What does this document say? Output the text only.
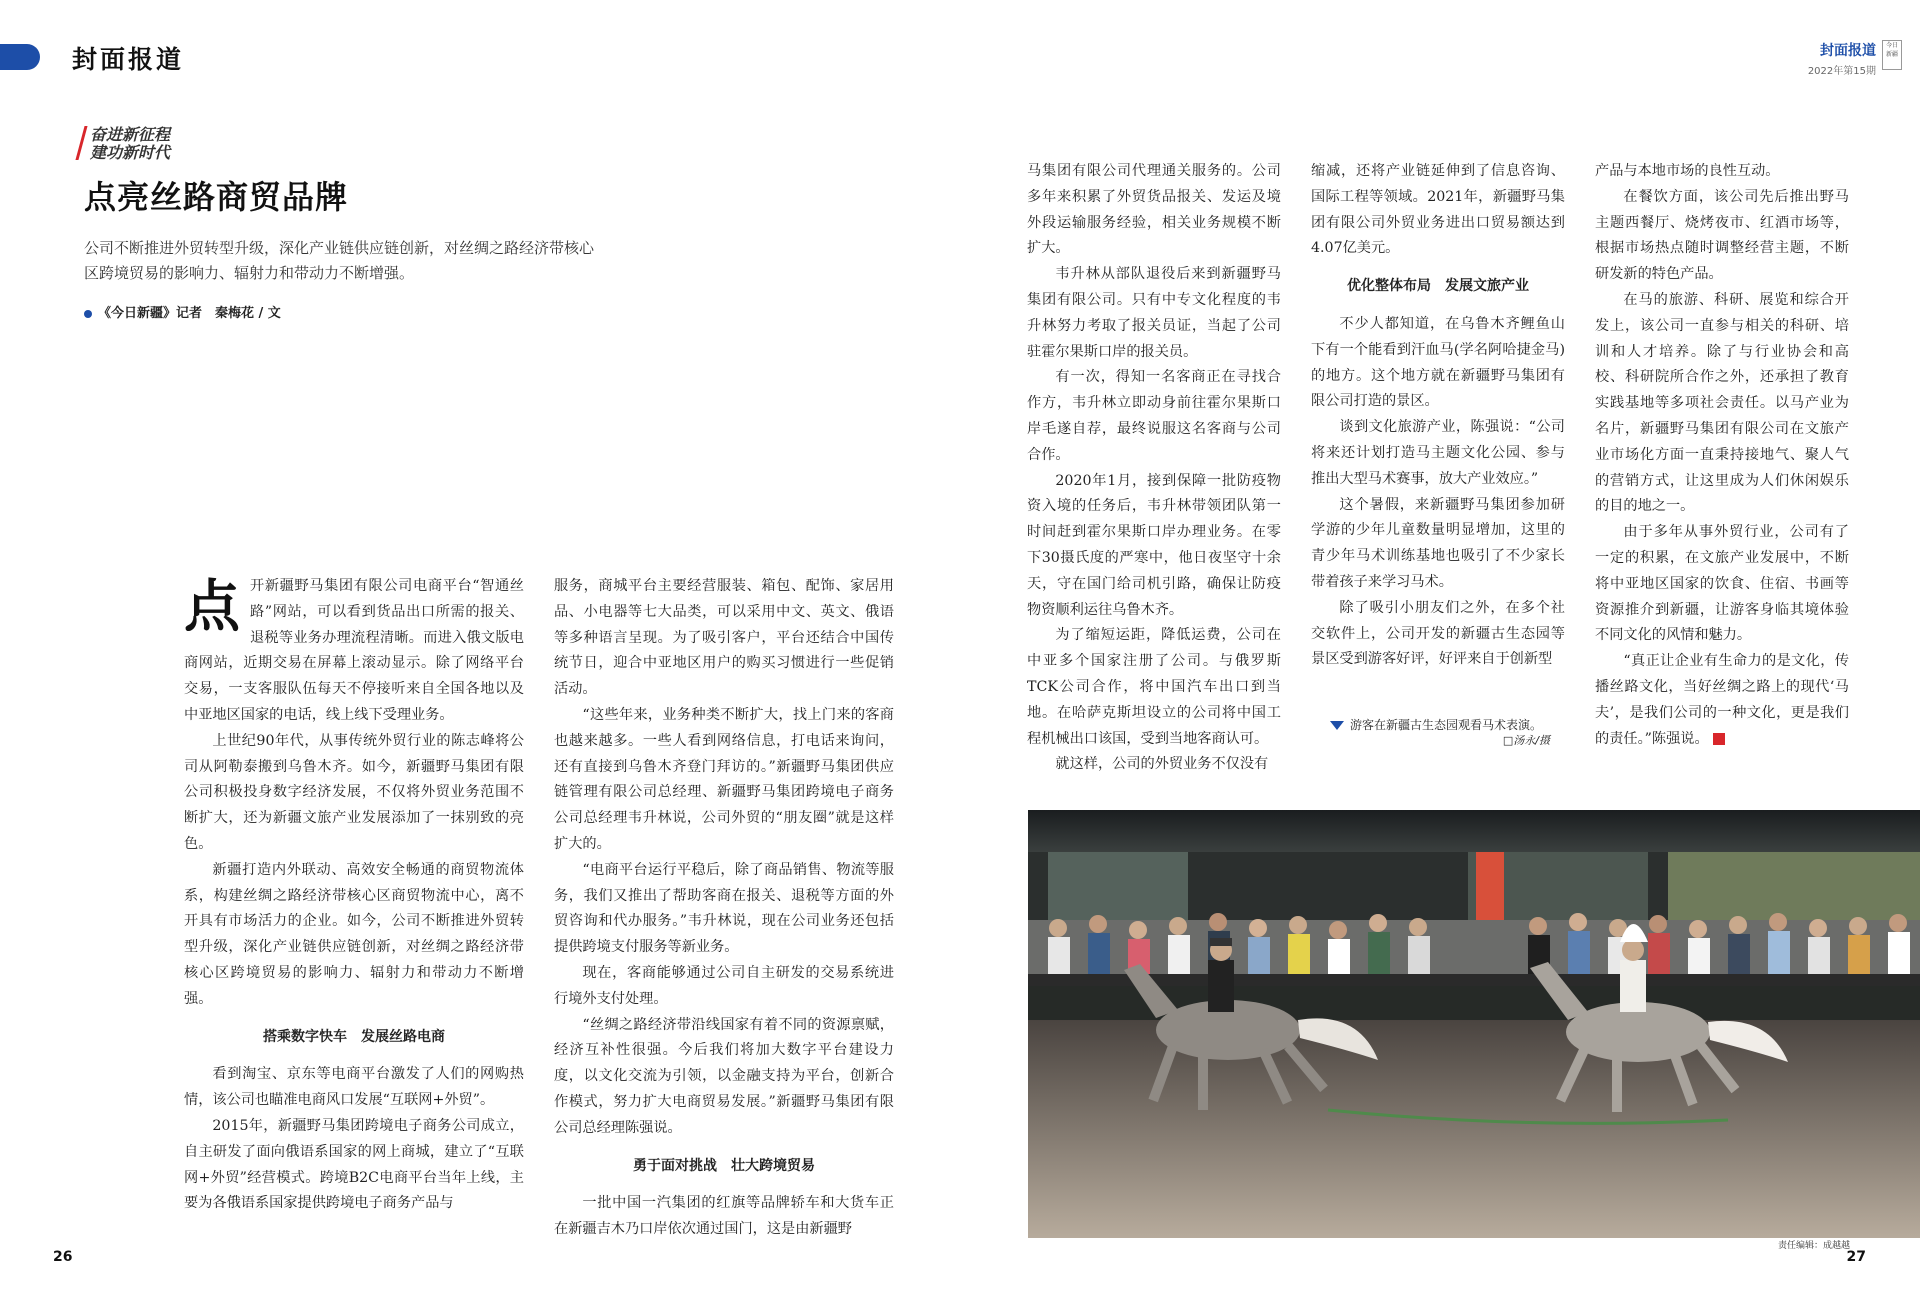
封面报道	封面报道
2022年第15期
今日
新疆
奋进新征程
建功新时代
点亮丝路商贸品牌
公司不断推进外贸转型升级，深化产业链供应链创新，对丝绸之路经济带核心区跨境贸易的影响力、辐射力和带动力不断增强。
《今日新疆》记者　秦梅花 / 文
点 开新疆野马集团有限公司电商平台“智通丝路”网站，可以看到货品出口所需的报关、退税等业务办理流程清晰。而进入俄文版电商网站，近期交易在屏幕上滚动显示。除了网络平台交易，一支客服队伍每天不停接听来自全国各地以及中亚地区国家的电话，线上线下受理业务。

上世纪90年代，从事传统外贸行业的陈志峰将公司从阿勒泰搬到乌鲁木齐。如今，新疆野马集团有限公司积极投身数字经济发展，不仅将外贸业务范围不断扩大，还为新疆文旅产业发展添加了一抹别致的亮色。

新疆打造内外联动、高效安全畅通的商贸物流体系，构建丝绸之路经济带核心区商贸物流中心，离不开具有市场活力的企业。如今，公司不断推进外贸转型升级，深化产业链供应链创新，对丝绸之路经济带核心区跨境贸易的影响力、辐射力和带动力不断增强。

搭乘数字快车　发展丝路电商

看到淘宝、京东等电商平台激发了人们的网购热情，该公司也瞄准电商风口发展“互联网+外贸”。

2015年，新疆野马集团跨境电子商务公司成立，自主研发了面向俄语系国家的网上商城，建立了“互联网+外贸”经营模式。跨境B2C电商平台当年上线，主要为各俄语系国家提供跨境电子商务产品与

服务，商城平台主要经营服装、箱包、配饰、家居用品、小电器等七大品类，可以采用中文、英文、俄语等多种语言呈现。为了吸引客户，平台还结合中国传统节日，迎合中亚地区用户的购买习惯进行一些促销活动。

“这些年来，业务种类不断扩大，找上门来的客商也越来越多。一些人看到网络信息，打电话来询问，还有直接到乌鲁木齐登门拜访的。”新疆野马集团供应链管理有限公司总经理、新疆野马集团跨境电子商务公司总经理韦升林说，公司外贸的“朋友圈”就是这样扩大的。

“电商平台运行平稳后，除了商品销售、物流等服务，我们又推出了帮助客商在报关、退税等方面的外贸咨询和代办服务。”韦升林说，现在公司业务还包括提供跨境支付服务等新业务。

现在，客商能够通过公司自主研发的交易系统进行境外支付处理。

“丝绸之路经济带沿线国家有着不同的资源禀赋，经济互补性很强。今后我们将加大数字平台建设力度，以文化交流为引领，以金融支持为平台，创新合作模式，努力扩大电商贸易发展。”新疆野马集团有限公司总经理陈强说。

勇于面对挑战　壮大跨境贸易

一批中国一汽集团的红旗等品牌轿车和大货车正在新疆吉木乃口岸依次通过国门，这是由新疆野

马集团有限公司代理通关服务的。公司多年来积累了外贸货品报关、发运及境外段运输服务经验，相关业务规模不断扩大。

韦升林从部队退役后来到新疆野马集团有限公司。只有中专文化程度的韦升林努力考取了报关员证，当起了公司驻霍尔果斯口岸的报关员。

有一次，得知一名客商正在寻找合作方，韦升林立即动身前往霍尔果斯口岸毛遂自荐，最终说服这名客商与公司合作。

2020年1月，接到保障一批防疫物资入境的任务后，韦升林带领团队第一时间赶到霍尔果斯口岸办理业务。在零下30摄氏度的严寒中，他日夜坚守十余天，守在国门给司机引路，确保让防疫物资顺利运往乌鲁木齐。

为了缩短运距，降低运费，公司在中亚多个国家注册了公司。与俄罗斯TCK公司合作，将中国汽车出口到当地。在哈萨克斯坦设立的公司将中国工程机械出口该国，受到当地客商认可。

就这样，公司的外贸业务不仅没有

缩减，还将产业链延伸到了信息咨询、国际工程等领域。2021年，新疆野马集团有限公司外贸业务进出口贸易额达到4.07亿美元。

优化整体布局　发展文旅产业

不少人都知道，在乌鲁木齐鲤鱼山下有一个能看到汗血马(学名阿哈捷金马)的地方。这个地方就在新疆野马集团有限公司打造的景区。

谈到文化旅游产业，陈强说：“公司将来还计划打造马主题文化公园、参与推出大型马术赛事，放大产业效应。”

这个暑假，来新疆野马集团参加研学游的少年儿童数量明显增加，这里的青少年马术训练基地也吸引了不少家长带着孩子来学习马术。

除了吸引小朋友们之外，在多个社交软件上，公司开发的新疆古生态园等景区受到游客好评，好评来自于创新型

产品与本地市场的良性互动。

在餐饮方面，该公司先后推出野马主题西餐厅、烧烤夜市、红酒市场等，根据市场热点随时调整经营主题，不断研发新的特色产品。

在马的旅游、科研、展览和综合开发上，该公司一直参与相关的科研、培训和人才培养。除了与行业协会和高校、科研院所合作之外，还承担了教育实践基地等多项社会责任。以马产业为名片，新疆野马集团有限公司在文旅产业市场化方面一直秉持接地气、聚人气的营销方式，让这里成为人们休闲娱乐的目的地之一。

由于多年从事外贸行业，公司有了一定的积累，在文旅产业发展中，不断将中亚地区国家的饮食、住宿、书画等资源推介到新疆，让游客身临其境体验不同文化的风情和魅力。

“真正让企业有生命力的是文化，传播丝路文化，当好丝绸之路上的现代‘马夫’，是我们公司的一种文化，更是我们的责任。”陈强说。

游客在新疆古生态园观看马术表演。
□汤永/摄
26	27
责任编辑：成越越
